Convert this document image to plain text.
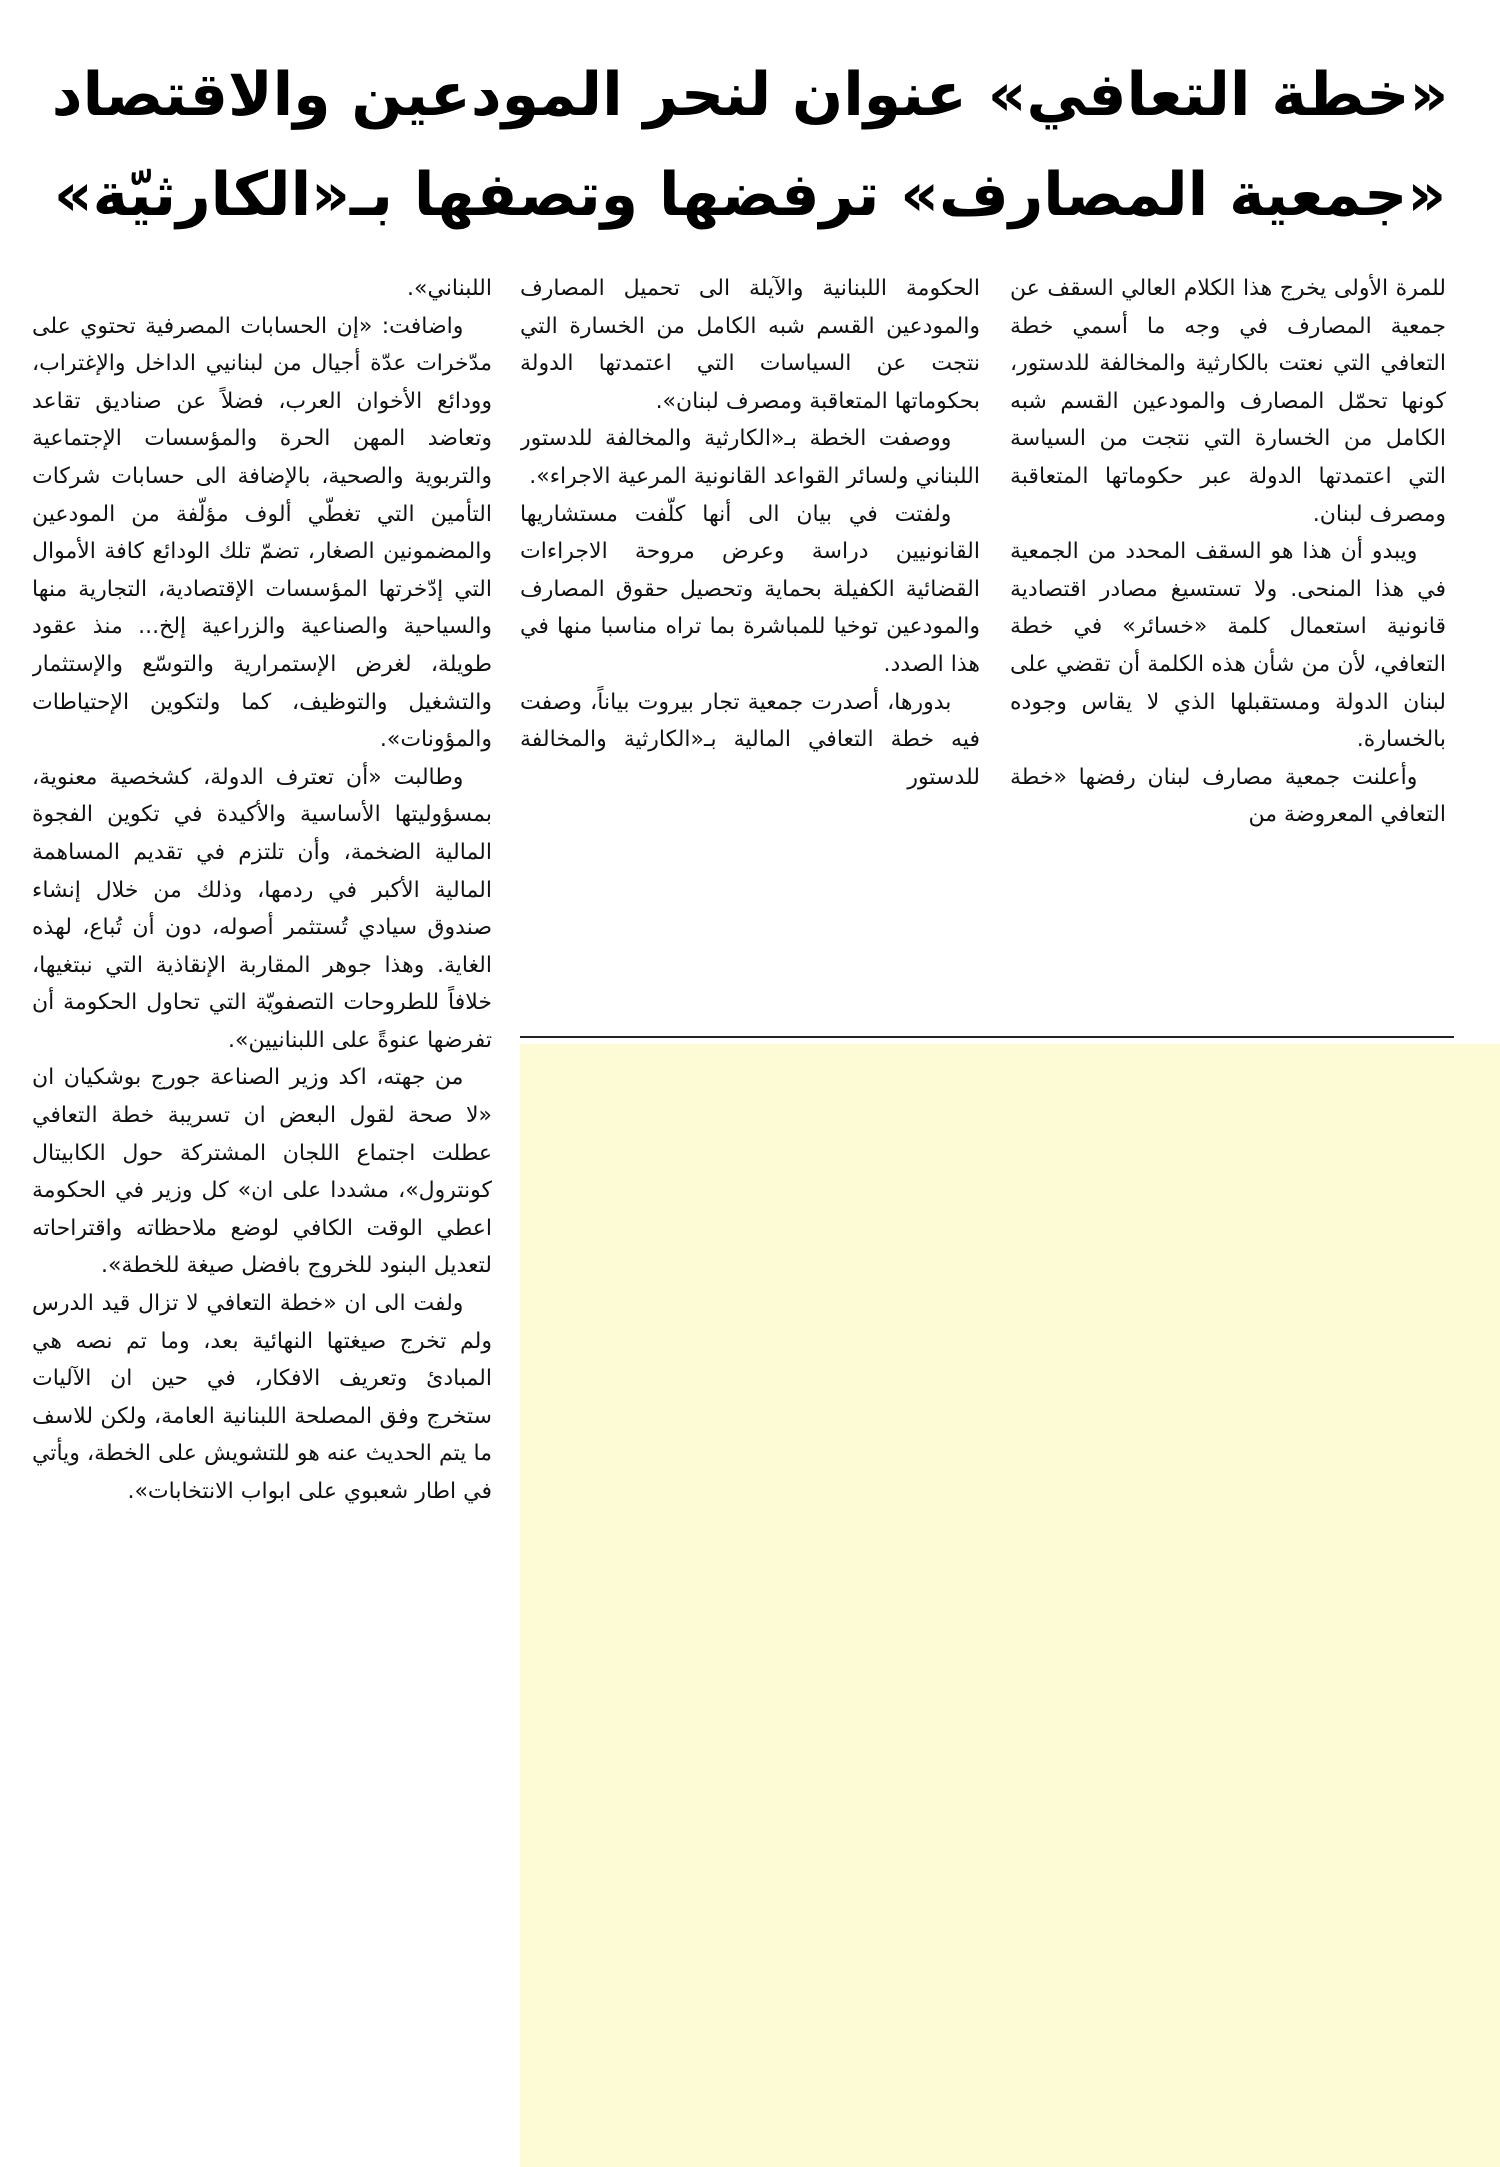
«خطة التعافي» عنوان لنحر المودعين والاقتصاد
«جمعية المصارف» ترفضها وتصفها بـ«الكارثيّة»

للمرة الأولى يخرج هذا الكلام العالي السقف عن جمعية المصارف في وجه ما أسمي خطة التعافي التي نعتت بالكارثية والمخالفة للدستور، كونها تحمّل المصارف والمودعين القسم شبه الكامل من الخسارة التي نتجت من السياسة التي اعتمدتها الدولة عبر حكوماتها المتعاقبة ومصرف لبنان.

ويبدو أن هذا هو السقف المحدد من الجمعية في هذا المنحى. ولا تستسيغ مصادر اقتصادية قانونية استعمال كلمة «خسائر» في خطة التعافي، لأن من شأن هذه الكلمة أن تقضي على لبنان الدولة ومستقبلها الذي لا يقاس وجوده بالخسارة.

وأعلنت جمعية مصارف لبنان رفضها «خطة التعافي المعروضة من

الحكومة اللبنانية والآيلة الى تحميل المصارف والمودعين القسم شبه الكامل من الخسارة التي نتجت عن السياسات التي اعتمدتها الدولة بحكوماتها المتعاقبة ومصرف لبنان».

ووصفت الخطة بـ«الكارثية والمخالفة للدستور اللبناني ولسائر القواعد القانونية المرعية الاجراء».

ولفتت في بيان الى أنها كلّفت مستشاريها القانونيين دراسة وعرض مروحة الاجراءات القضائية الكفيلة بحماية وتحصيل حقوق المصارف والمودعين توخيا للمباشرة بما تراه مناسبا منها في هذا الصدد.

بدورها، أصدرت جمعية تجار بيروت بياناً، وصفت فيه خطة التعافي المالية بـ«الكارثية والمخالفة للدستور

اللبناني».

واضافت: «إن الحسابات المصرفية تحتوي على مدّخرات عدّة أجيال من لبنانيي الداخل والإغتراب، وودائع الأخوان العرب، فضلاً عن صناديق تقاعد وتعاضد المهن الحرة والمؤسسات الإجتماعية والتربوية والصحية، بالإضافة الى حسابات شركات التأمين التي تغطّي ألوف مؤلّفة من المودعين والمضمونين الصغار، تضمّ تلك الودائع كافة الأموال التي إدّخرتها المؤسسات الإقتصادية، التجارية منها والسياحية والصناعية والزراعية إلخ... منذ عقود طويلة، لغرض الإستمرارية والتوسّع والإستثمار والتشغيل والتوظيف، كما ولتكوين الإحتياطات والمؤونات».

وطالبت «أن تعترف الدولة، كشخصية معنوية، بمسؤوليتها الأساسية والأكيدة في تكوين الفجوة المالية الضخمة، وأن تلتزم في تقديم المساهمة المالية الأكبر في ردمها، وذلك من خلال إنشاء صندوق سيادي تُستثمر أصوله، دون أن تُباع، لهذه الغاية. وهذا جوهر المقاربة الإنقاذية التي نبتغيها، خلافاً للطروحات التصفويّة التي تحاول الحكومة أن تفرضها عنوةً على اللبنانيين».

من جهته، اكد وزير الصناعة جورج بوشكيان ان «لا صحة لقول البعض ان تسريبة خطة التعافي عطلت اجتماع اللجان المشتركة حول الكابيتال كونترول»، مشددا على ان» كل وزير في الحكومة اعطي الوقت الكافي لوضع ملاحظاته واقتراحاته لتعديل البنود للخروج بافضل صيغة للخطة».

ولفت الى ان «خطة التعافي لا تزال قيد الدرس ولم تخرج صيغتها النهائية بعد، وما تم نصه هي المبادئ وتعريف الافكار، في حين ان الآليات ستخرج وفق المصلحة اللبنانية العامة، ولكن للاسف ما يتم الحديث عنه هو للتشويش على الخطة، ويأتي في اطار شعبوي على ابواب الانتخابات».
